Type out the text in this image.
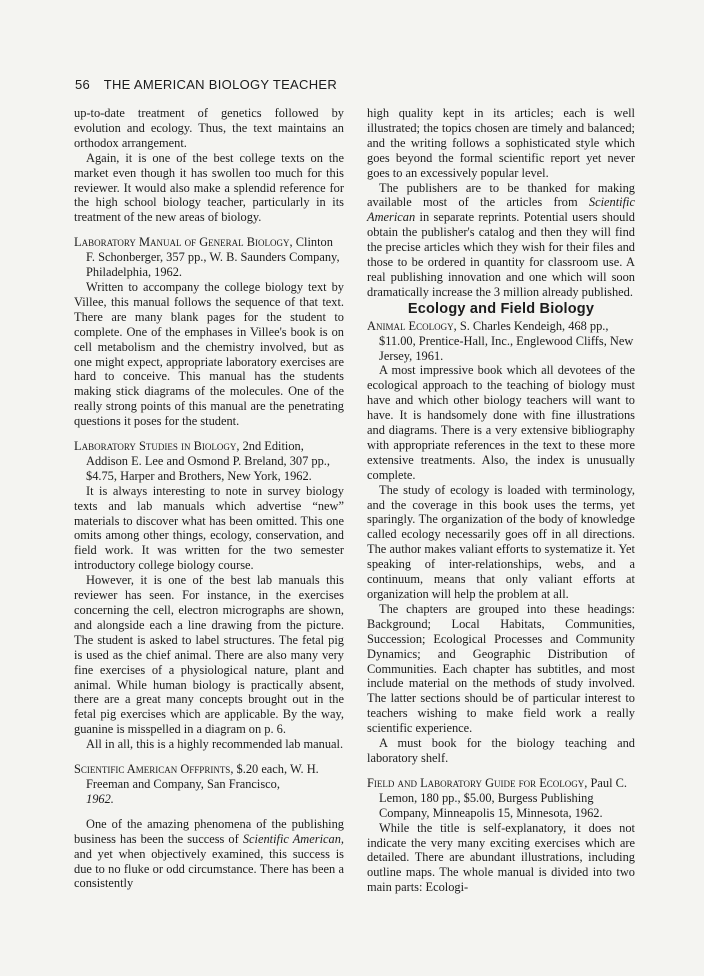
56 THE AMERICAN BIOLOGY TEACHER

up-to-date treatment of genetics followed by evolution and ecology. Thus, the text maintains an orthodox arrangement.

Again, it is one of the best college texts on the market even though it has swollen too much for this reviewer. It would also make a splendid reference for the high school biology teacher, particularly in its treatment of the new areas of biology.

Laboratory Manual of General Biology, Clinton F. Schonberger, 357 pp., W. B. Saunders Company, Philadelphia, 1962.

Written to accompany the college biology text by Villee, this manual follows the sequence of that text. There are many blank pages for the student to complete. One of the emphases in Villee's book is on cell metabolism and the chemistry involved, but as one might expect, appropriate laboratory exercises are hard to conceive. This manual has the students making stick diagrams of the molecules. One of the really strong points of this manual are the penetrating questions it poses for the student.

Laboratory Studies in Biology, 2nd Edition, Addison E. Lee and Osmond P. Breland, 307 pp., $4.75, Harper and Brothers, New York, 1962.

It is always interesting to note in survey biology texts and lab manuals which advertise “new” materials to discover what has been omitted. This one omits among other things, ecology, conservation, and field work. It was written for the two semester introductory college biology course.

However, it is one of the best lab manuals this reviewer has seen. For instance, in the exercises concerning the cell, electron micrographs are shown, and alongside each a line drawing from the picture. The student is asked to label structures. The fetal pig is used as the chief animal. There are also many very fine exercises of a physiological nature, plant and animal. While human biology is practically absent, there are a great many concepts brought out in the fetal pig exercises which are applicable. By the way, guanine is misspelled in a diagram on p. 6.

All in all, this is a highly recommended lab manual.

Scientific American Offprints, $.20 each, W. H. Freeman and Company, San Francisco,
1962.

One of the amazing phenomena of the publishing business has been the success of Scientific American, and yet when objectively examined, this success is due to no fluke or odd circumstance. There has been a consistently

high quality kept in its articles; each is well illustrated; the topics chosen are timely and balanced; and the writing follows a sophisticated style which goes beyond the formal scientific report yet never goes to an excessively popular level.

The publishers are to be thanked for making available most of the articles from Scientific American in separate reprints. Potential users should obtain the publisher's catalog and then they will find the precise articles which they wish for their files and those to be ordered in quantity for classroom use. A real publishing innovation and one which will soon dramatically increase the 3 million already published.

Ecology and Field Biology

Animal Ecology, S. Charles Kendeigh, 468 pp., $11.00, Prentice-Hall, Inc., Englewood Cliffs, New Jersey, 1961.

A most impressive book which all devotees of the ecological approach to the teaching of biology must have and which other biology teachers will want to have. It is handsomely done with fine illustrations and diagrams. There is a very extensive bibliography with appropriate references in the text to these more extensive treatments. Also, the index is unusually complete.

The study of ecology is loaded with terminology, and the coverage in this book uses the terms, yet sparingly. The organization of the body of knowledge called ecology necessarily goes off in all directions. The author makes valiant efforts to systematize it. Yet speaking of inter-relationships, webs, and a continuum, means that only valiant efforts at organization will help the problem at all.

The chapters are grouped into these headings: Background; Local Habitats, Communities, Succession; Ecological Processes and Community Dynamics; and Geographic Distribution of Communities. Each chapter has subtitles, and most include material on the methods of study involved. The latter sections should be of particular interest to teachers wishing to make field work a really scientific experience.

A must book for the biology teaching and laboratory shelf.

Field and Laboratory Guide for Ecology, Paul C. Lemon, 180 pp., $5.00, Burgess Publishing Company, Minneapolis 15, Minnesota, 1962.

While the title is self-explanatory, it does not indicate the very many exciting exercises which are detailed. There are abundant illustrations, including outline maps. The whole manual is divided into two main parts: Ecologi-
